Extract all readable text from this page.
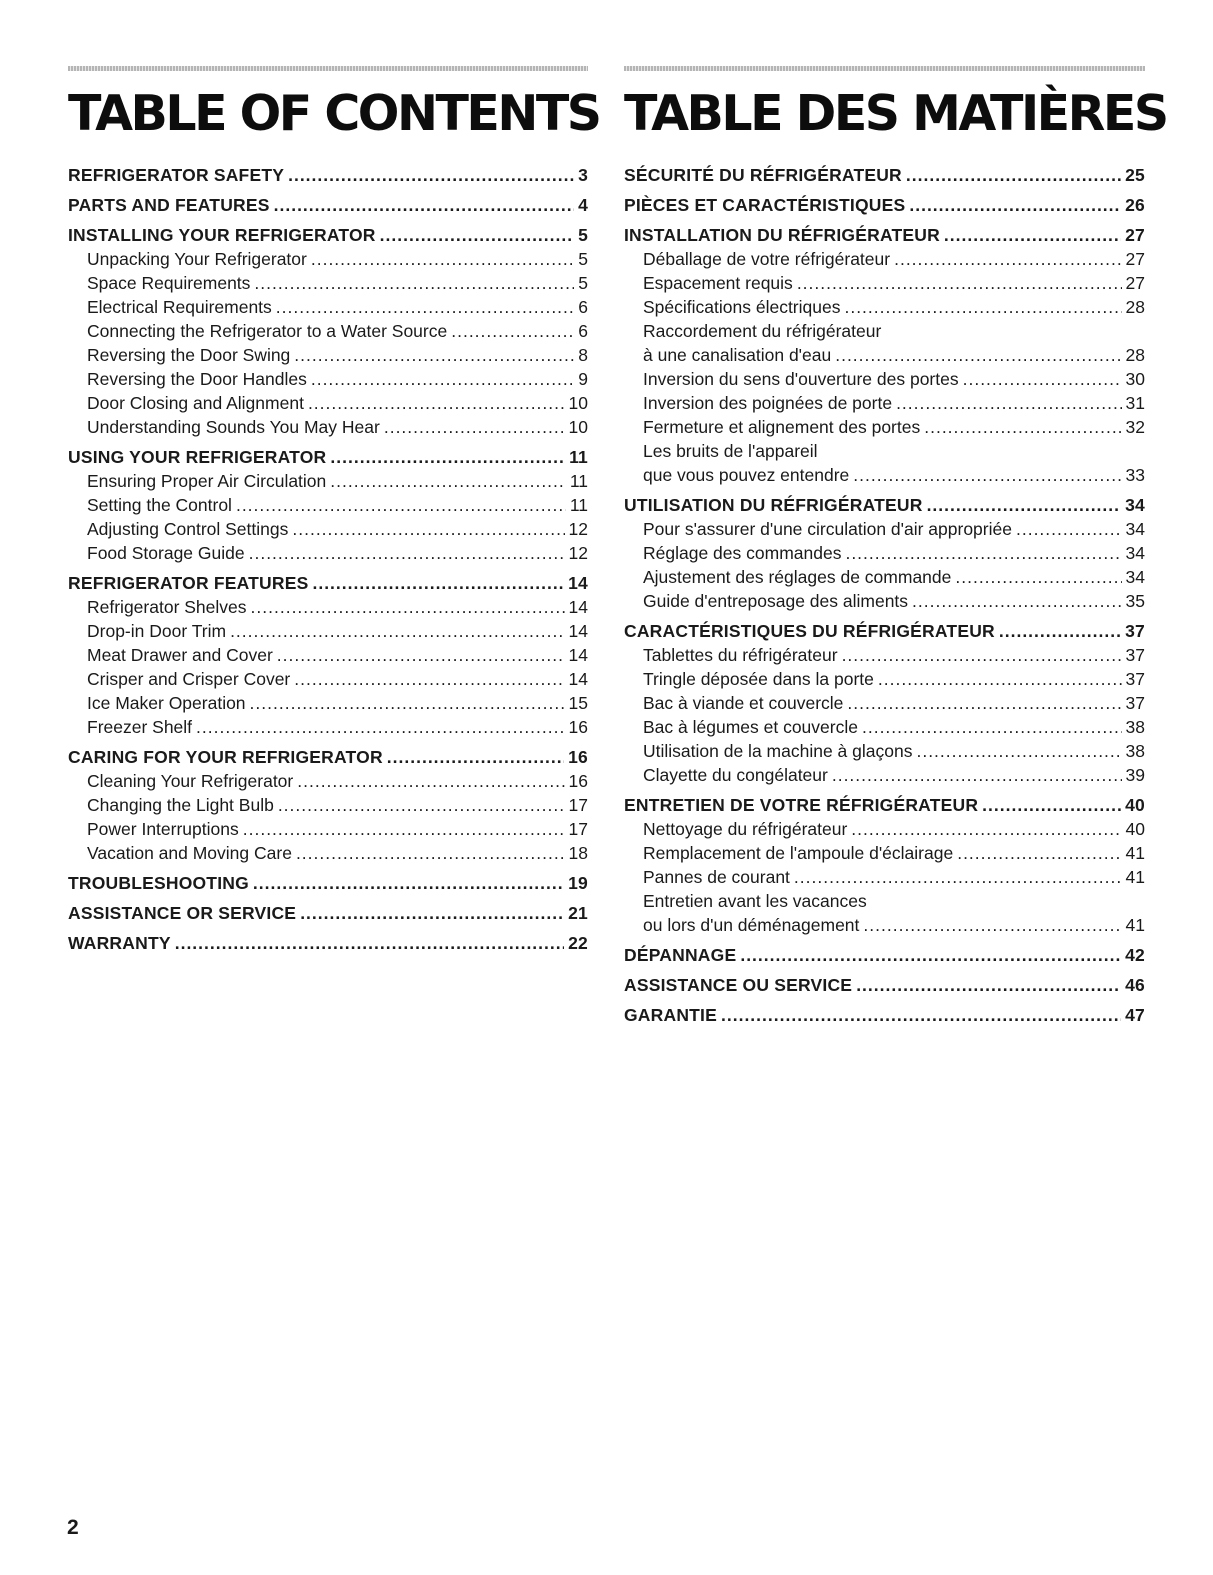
TABLE OF CONTENTS
REFRIGERATOR SAFETY .....	3
PARTS AND FEATURES .....	4
INSTALLING YOUR REFRIGERATOR .....	5
Unpacking Your Refrigerator .....	5
Space Requirements .....	5
Electrical Requirements .....	6
Connecting the Refrigerator to a Water Source .....	6
Reversing the Door Swing .....	8
Reversing the Door Handles .....	9
Door Closing and Alignment .....	10
Understanding Sounds You May Hear .....	10
USING YOUR REFRIGERATOR .....	11
Ensuring Proper Air Circulation .....	11
Setting the Control .....	11
Adjusting Control Settings .....	12
Food Storage Guide .....	12
REFRIGERATOR FEATURES .....	14
Refrigerator Shelves .....	14
Drop-in Door Trim .....	14
Meat Drawer and Cover .....	14
Crisper and Crisper Cover .....	14
Ice Maker Operation .....	15
Freezer Shelf .....	16
CARING FOR YOUR REFRIGERATOR .....	16
Cleaning Your Refrigerator .....	16
Changing the Light Bulb .....	17
Power Interruptions .....	17
Vacation and Moving Care .....	18
TROUBLESHOOTING .....	19
ASSISTANCE OR SERVICE .....	21
WARRANTY .....	22
TABLE DES MATIÈRES
SÉCURITÉ DU RÉFRIGÉRATEUR .....	25
PIÈCES ET CARACTÉRISTIQUES .....	26
INSTALLATION DU RÉFRIGÉRATEUR .....	27
Déballage de votre réfrigérateur .....	27
Espacement requis .....	27
Spécifications électriques .....	28
Raccordement du réfrigérateur
à une canalisation d'eau .....	28
Inversion du sens d'ouverture des portes .....	30
Inversion des poignées de porte .....	31
Fermeture et alignement des portes .....	32
Les bruits de l'appareil
que vous pouvez entendre .....	33
UTILISATION DU RÉFRIGÉRATEUR .....	34
Pour s'assurer d'une circulation d'air appropriée .....	34
Réglage des commandes .....	34
Ajustement des réglages de commande .....	34
Guide d'entreposage des aliments .....	35
CARACTÉRISTIQUES DU RÉFRIGÉRATEUR .....	37
Tablettes du réfrigérateur .....	37
Tringle déposée dans la porte .....	37
Bac à viande et couvercle .....	37
Bac à légumes et couvercle .....	38
Utilisation de la machine à glaçons .....	38
Clayette du congélateur .....	39
ENTRETIEN DE VOTRE RÉFRIGÉRATEUR .....	40
Nettoyage du réfrigérateur .....	40
Remplacement de l'ampoule d'éclairage .....	41
Pannes de courant .....	41
Entretien avant les vacances
ou lors d'un déménagement .....	41
DÉPANNAGE .....	42
ASSISTANCE OU SERVICE .....	46
GARANTIE .....	47
2
